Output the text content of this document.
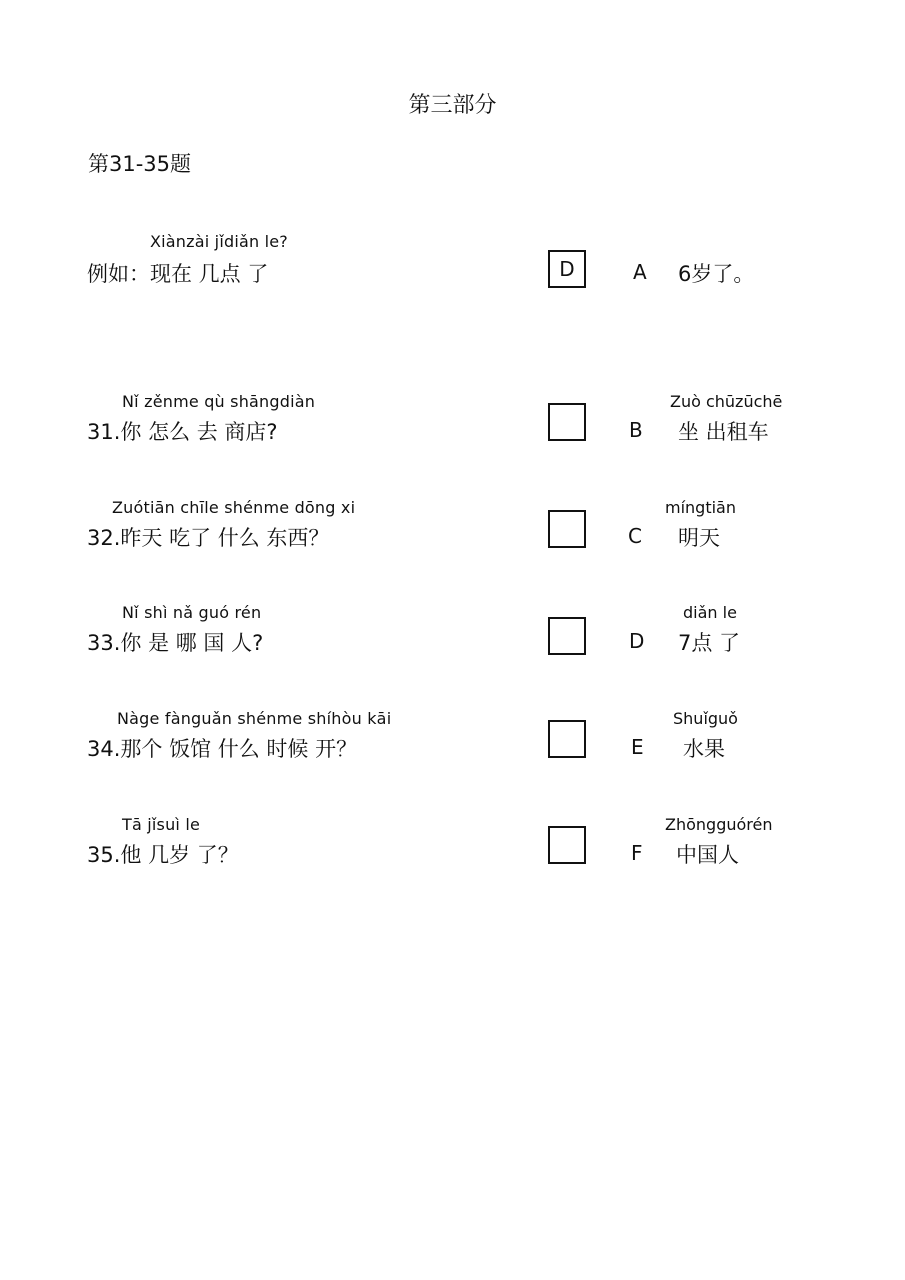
第三部分
第31-35题
Xiànzài jǐdiǎn le?
例如：现在 几点 了	D	A 6岁了。
Nǐ zěnme qù shāngdiàn
31.你 怎么 去 商店?
Zuò chūzūchē
B 坐 出租车
Zuótiān chīle shénme dōng xi
32.昨天 吃了 什么 东西？
míngtiān
C 明天
Nǐ shì nǎ guó rén
33.你 是 哪 国 人?
diǎn le
D 7点 了
Nàge fànguǎn shénme shíhòu kāi
34.那个 饭馆 什么 时候 开？
Shuǐguǒ
E 水果
Tā jǐsuì le
35.他 几岁 了？
Zhōngguórén
F 中国人
